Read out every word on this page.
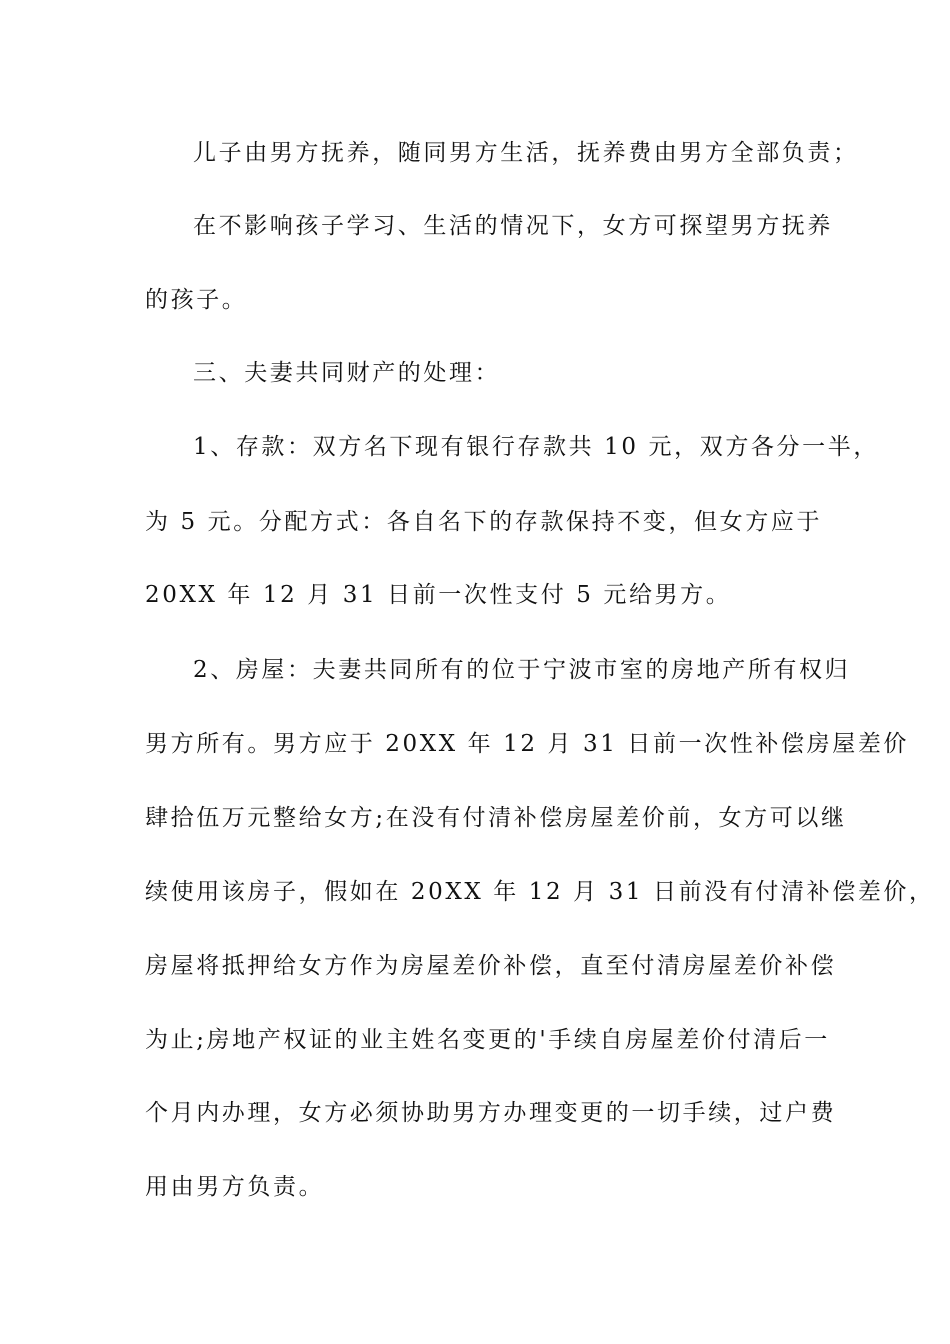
儿子由男方抚养，随同男方生活，抚养费由男方全部负责；
在不影响孩子学习、生活的情况下，女方可探望男方抚养
的孩子。
三、夫妻共同财产的处理：
1、存款：双方名下现有银行存款共 10 元，双方各分一半，
为 5 元。分配方式：各自名下的存款保持不变，但女方应于
20XX 年 12 月 31 日前一次性支付 5 元给男方。
2、房屋：夫妻共同所有的位于宁波市室的房地产所有权归
男方所有。男方应于 20XX 年 12 月 31 日前一次性补偿房屋差价
肆拾伍万元整给女方;在没有付清补偿房屋差价前，女方可以继
续使用该房子，假如在 20XX 年 12 月 31 日前没有付清补偿差价，
房屋将抵押给女方作为房屋差价补偿，直至付清房屋差价补偿
为止;房地产权证的业主姓名变更的'手续自房屋差价付清后一
个月内办理，女方必须协助男方办理变更的一切手续，过户费
用由男方负责。
